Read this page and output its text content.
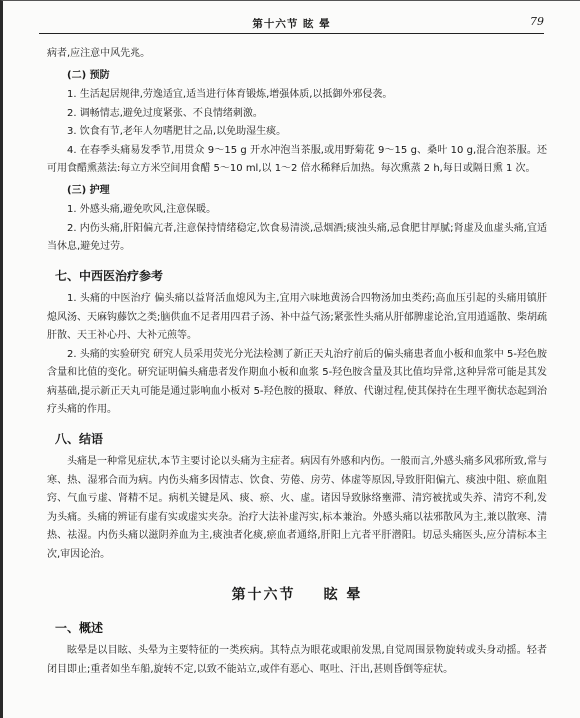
第十六节 眩 晕	79

病者,应注意中风先兆。

(二) 预防

1. 生活起居规律,劳逸适宜,适当进行体育锻炼,增强体质,以抵御外邪侵袭。

2. 调畅情志,避免过度紧张、不良情绪刺激。

3. 饮食有节,老年人勿嗜肥甘之品,以免助湿生痰。

4. 在春季头痛易发季节,用贯众 9～15 g 开水冲泡当茶服,或用野菊花 9～15 g、桑叶 10 g,混合泡茶服。还可用食醋熏蒸法:每立方米空间用食醋 5～10 ml,以 1～2 倍水稀释后加热。每次熏蒸 2 h,每日或隔日熏 1 次。

(三) 护理

1. 外感头痛,避免吹风,注意保暖。

2. 内伤头痛,肝阳偏亢者,注意保持情绪稳定,饮食易清淡,忌烟酒;痰浊头痛,忌食肥甘厚腻;肾虚及血虚头痛,宜适当休息,避免过劳。

七、中西医治疗参考

1. 头痛的中医治疗 偏头痛以益肾活血熄风为主,宜用六味地黄汤合四物汤加虫类药;高血压引起的头痛用镇肝熄风汤、天麻钩藤饮之类;脑供血不足者用四君子汤、补中益气汤;紧张性头痛从肝郁脾虚论治,宜用逍遥散、柴胡疏肝散、天王补心丹、大补元煎等。

2. 头痛的实验研究 研究人员采用荧光分光法检测了新正天丸治疗前后的偏头痛患者血小板和血浆中 5-羟色胺含量和比值的变化。研究证明偏头痛患者发作期血小板和血浆 5-羟色胺含量及其比值均异常,这种异常可能是其发病基础,提示新正天丸可能是通过影响血小板对 5-羟色胺的摄取、释放、代谢过程,使其保持在生理平衡状态起到治疗头痛的作用。

八、结语

头痛是一种常见症状,本节主要讨论以头痛为主症者。病因有外感和内伤。一般而言,外感头痛多风邪所致,常与寒、热、湿邪合而为病。内伤头痛多因情志、饮食、劳倦、房劳、体虚等原因,导致肝阳偏亢、痰浊中阻、瘀血阻窍、气血亏虚、肾精不足。病机关键是风、痰、瘀、火、虚。诸因导致脉络壅滞、清窍被扰或失养、清窍不利,发为头痛。头痛的辨证有虚有实或虚实夹杂。治疗大法补虚泻实,标本兼治。外感头痛以祛邪散风为主,兼以散寒、清热、祛湿。内伤头痛以滋阴养血为主,痰浊者化痰,瘀血者通络,肝阳上亢者平肝潜阳。切忌头痛医头,应分清标本主次,审因论治。

第十六节 眩 晕

一、概述

眩晕是以目眩、头晕为主要特征的一类疾病。其特点为眼花或眼前发黑,自觉周围景物旋转或头身动摇。轻者闭目即止;重者如坐车船,旋转不定,以致不能站立,或伴有恶心、呕吐、汗出,甚则昏倒等症状。
